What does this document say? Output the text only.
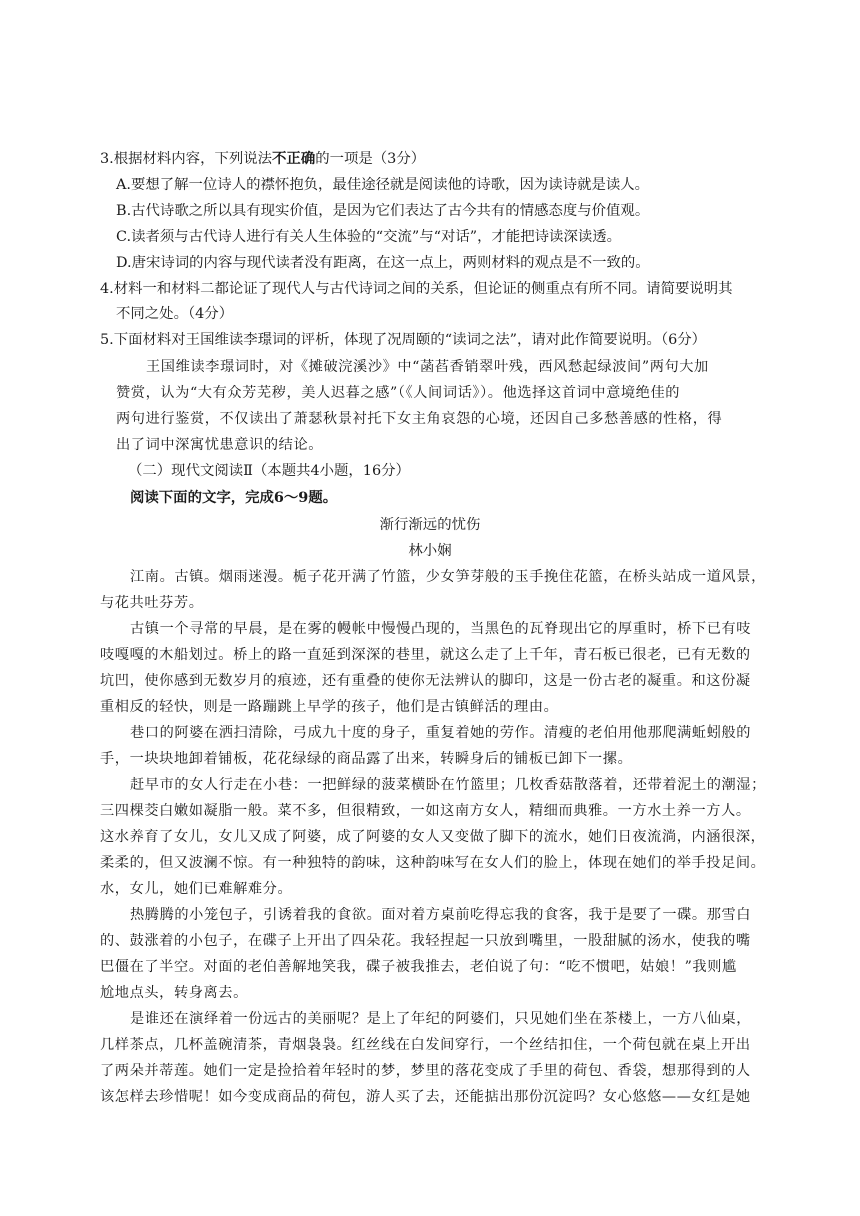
3.根据材料内容，下列说法不正确的一项是（3分）
A.要想了解一位诗人的襟怀抱负，最佳途径就是阅读他的诗歌，因为读诗就是读人。
B.古代诗歌之所以具有现实价值，是因为它们表达了古今共有的情感态度与价值观。
C.读者须与古代诗人进行有关人生体验的“交流”与“对话”，才能把诗读深读透。
D.唐宋诗词的内容与现代读者没有距离，在这一点上，两则材料的观点是不一致的。
4.材料一和材料二都论证了现代人与古代诗词之间的关系，但论证的侧重点有所不同。请简要说明其
不同之处。（4分）
5.下面材料对王国维读李璟词的评析，体现了况周颐的“读词之法”，请对此作简要说明。（6分）
王国维读李璟词时，对《摊破浣溪沙》中“菡萏香销翠叶残，西风愁起绿波间”两句大加
赞赏，认为“大有众芳芜秽，美人迟暮之感”（《人间词话》）。他选择这首词中意境绝佳的
两句进行鉴赏，不仅读出了萧瑟秋景衬托下女主角哀怨的心境，还因自己多愁善感的性格，得
出了词中深寓忧患意识的结论。
（二）现代文阅读Ⅱ（本题共4小题，16分）
阅读下面的文字，完成6～9题。
渐行渐远的忧伤
林小娴
江南。古镇。烟雨迷漫。栀子花开满了竹篮，少女笋芽般的玉手挽住花篮，在桥头站成一道风景，
与花共吐芬芳。
古镇一个寻常的早晨，是在雾的幔帐中慢慢凸现的，当黑色的瓦脊现出它的厚重时，桥下已有吱
吱嘎嘎的木船划过。桥上的路一直延到深深的巷里，就这么走了上千年，青石板已很老，已有无数的
坑凹，使你感到无数岁月的痕迹，还有重叠的使你无法辨认的脚印，这是一份古老的凝重。和这份凝
重相反的轻快，则是一路蹦跳上早学的孩子，他们是古镇鲜活的理由。
巷口的阿婆在洒扫清除，弓成九十度的身子，重复着她的劳作。清瘦的老伯用他那爬满蚯蚓般的
手，一块块地卸着铺板，花花绿绿的商品露了出来，转瞬身后的铺板已卸下一摞。
赶早市的女人行走在小巷：一把鲜绿的菠菜横卧在竹篮里；几枚香菇散落着，还带着泥土的潮湿；
三四棵茭白嫩如凝脂一般。菜不多，但很精致，一如这南方女人，精细而典雅。一方水土养一方人。
这水养育了女儿，女儿又成了阿婆，成了阿婆的女人又变做了脚下的流水，她们日夜流淌，内涵很深，
柔柔的，但又波澜不惊。有一种独特的韵味，这种韵味写在女人们的脸上，体现在她们的举手投足间。
水，女儿，她们已难解难分。
热腾腾的小笼包子，引诱着我的食欲。面对着方桌前吃得忘我的食客，我于是要了一碟。那雪白
的、鼓涨着的小包子，在碟子上开出了四朵花。我轻捏起一只放到嘴里，一股甜腻的汤水，使我的嘴
巴僵在了半空。对面的老伯善解地笑我，碟子被我推去，老伯说了句：“吃不惯吧，姑娘！”我则尴
尬地点头，转身离去。
是谁还在演绎着一份远古的美丽呢？是上了年纪的阿婆们，只见她们坐在茶楼上，一方八仙桌，
几样茶点，几杯盖碗清茶，青烟袅袅。红丝线在白发间穿行，一个丝结扣住，一个荷包就在桌上开出
了两朵并蒂莲。她们一定是捡拾着年轻时的梦，梦里的落花变成了手里的荷包、香袋，想那得到的人
该怎样去珍惜呢！如今变成商品的荷包，游人买了去，还能掂出那份沉淀吗？女心悠悠——女红是她
